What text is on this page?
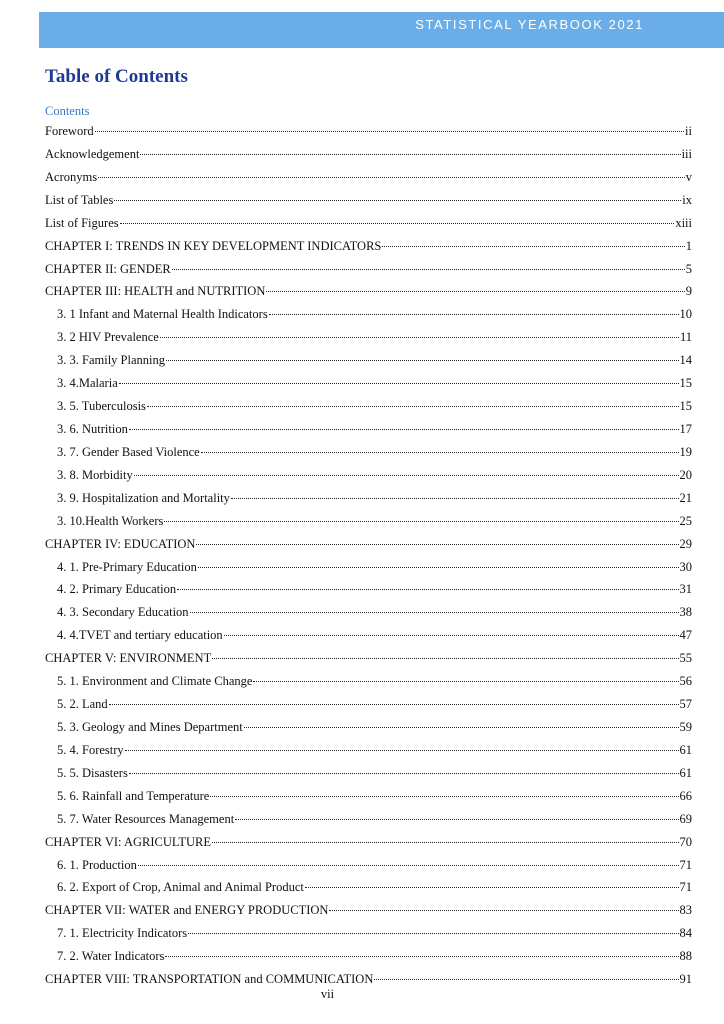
STATISTICAL YEARBOOK 2021
Table of Contents
Contents
Foreword	ii
Acknowledgement	iii
Acronyms	v
List of Tables	ix
List of Figures	xiii
CHAPTER I: TRENDS IN KEY DEVELOPMENT INDICATORS	1
CHAPTER II: GENDER	5
CHAPTER III: HEALTH and NUTRITION	9
3. 1 Infant and Maternal Health Indicators	10
3. 2 HIV Prevalence	11
3. 3. Family Planning	14
3. 4.Malaria	15
3. 5. Tuberculosis	15
3. 6. Nutrition	17
3. 7. Gender Based Violence	19
3. 8. Morbidity	20
3. 9. Hospitalization and Mortality	21
3. 10.Health Workers	25
CHAPTER IV: EDUCATION	29
4. 1. Pre-Primary Education	30
4. 2. Primary Education	31
4. 3. Secondary Education	38
4. 4.TVET and tertiary education	47
CHAPTER V: ENVIRONMENT	55
5. 1. Environment and Climate Change	56
5. 2. Land	57
5. 3. Geology and Mines Department	59
5. 4. Forestry	61
5. 5. Disasters	61
5. 6. Rainfall and Temperature	66
5. 7. Water Resources Management	69
CHAPTER VI: AGRICULTURE	70
6. 1. Production	71
6. 2. Export of Crop, Animal and Animal Product	71
CHAPTER VII: WATER and ENERGY PRODUCTION	83
7. 1. Electricity Indicators	84
7. 2. Water Indicators	88
CHAPTER VIII: TRANSPORTATION and COMMUNICATION	91
vii
